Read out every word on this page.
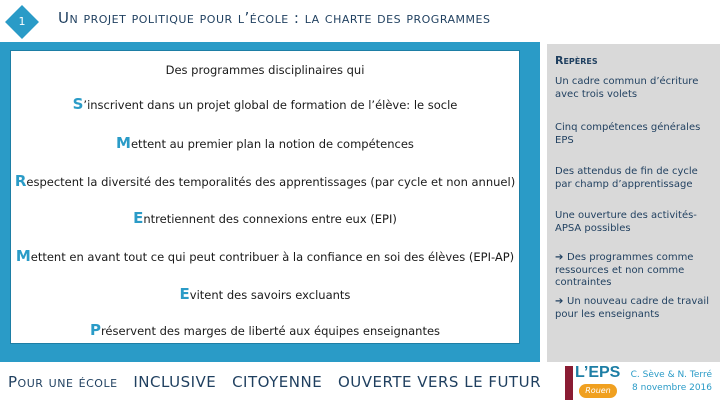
1	Un projet politique pour l’école : la charte des programmes
Des programmes disciplinaires qui
S’inscrivent dans un projet global de formation de l’élève: le socle
Mettent au premier plan la notion de compétences
Respectent la diversité des temporalités des apprentissages (par cycle et non annuel)
Entretiennent des connexions entre eux (EPI)
Mettent en avant tout ce qui peut contribuer à la confiance en soi des élèves (EPI-AP)
Evitent des savoirs excluants
Préservent des marges de liberté aux équipes enseignantes
Repères
Un cadre commun d’écriture avec trois volets
Cinq compétences générales EPS
Des attendus de fin de cycle par champ d’apprentissage
Une ouverture des activités-APSA possibles
➔ Des programmes comme ressources et non comme contraintes
➔ Un nouveau cadre de travail pour les enseignants
Pour une école INCLUSIVE CITOYENNE OUVERTE VERS LE FUTUR
L’EPS
Rouen
C. Sève & N. Terré
8 novembre 2016
